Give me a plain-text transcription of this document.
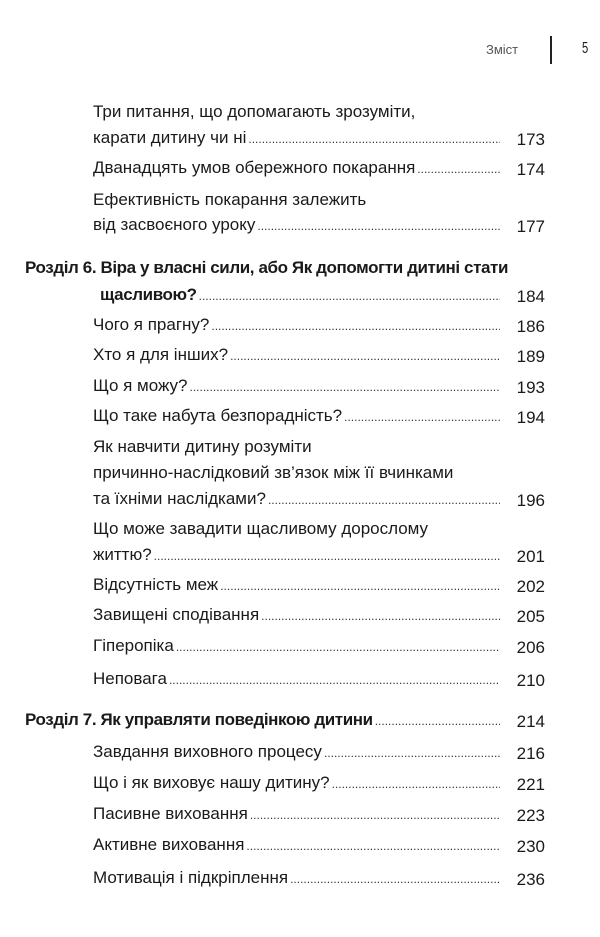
Зміст	5
Три питання, що допомагають зрозуміти,
173
карати дитину чи ні
.....
174
Дванадцять умов обережного покарання
.....
Ефективність покарання залежить
177
від засвоєного уроку
.....
Розділ 6. Віра у власні сили, або Як допомогти дитині стати
184
щасливою?
.....
186
Чого я прагну?
.....
189
Хто я для інших?
.....
193
Що я можу?
.....
194
Що таке набута безпорадність?
.....
Як навчити дитину розуміти
причинно-наслідковий зв’язок між її вчинками
196
та їхніми наслідками?
.....
Що може завадити щасливому дорослому
201
життю?
.....
202
Відсутність меж
.....
205
Завищені сподівання
.....
206
Гіперопіка
.....
210
Неповага
.....
214
Розділ 7. Як управляти поведінкою дитини
.....
216
Завдання виховного процесу
.....
221
Що і як виховує нашу дитину?
.....
223
Пасивне виховання
.....
230
Активне виховання
.....
236
Мотивація і підкріплення
.....
